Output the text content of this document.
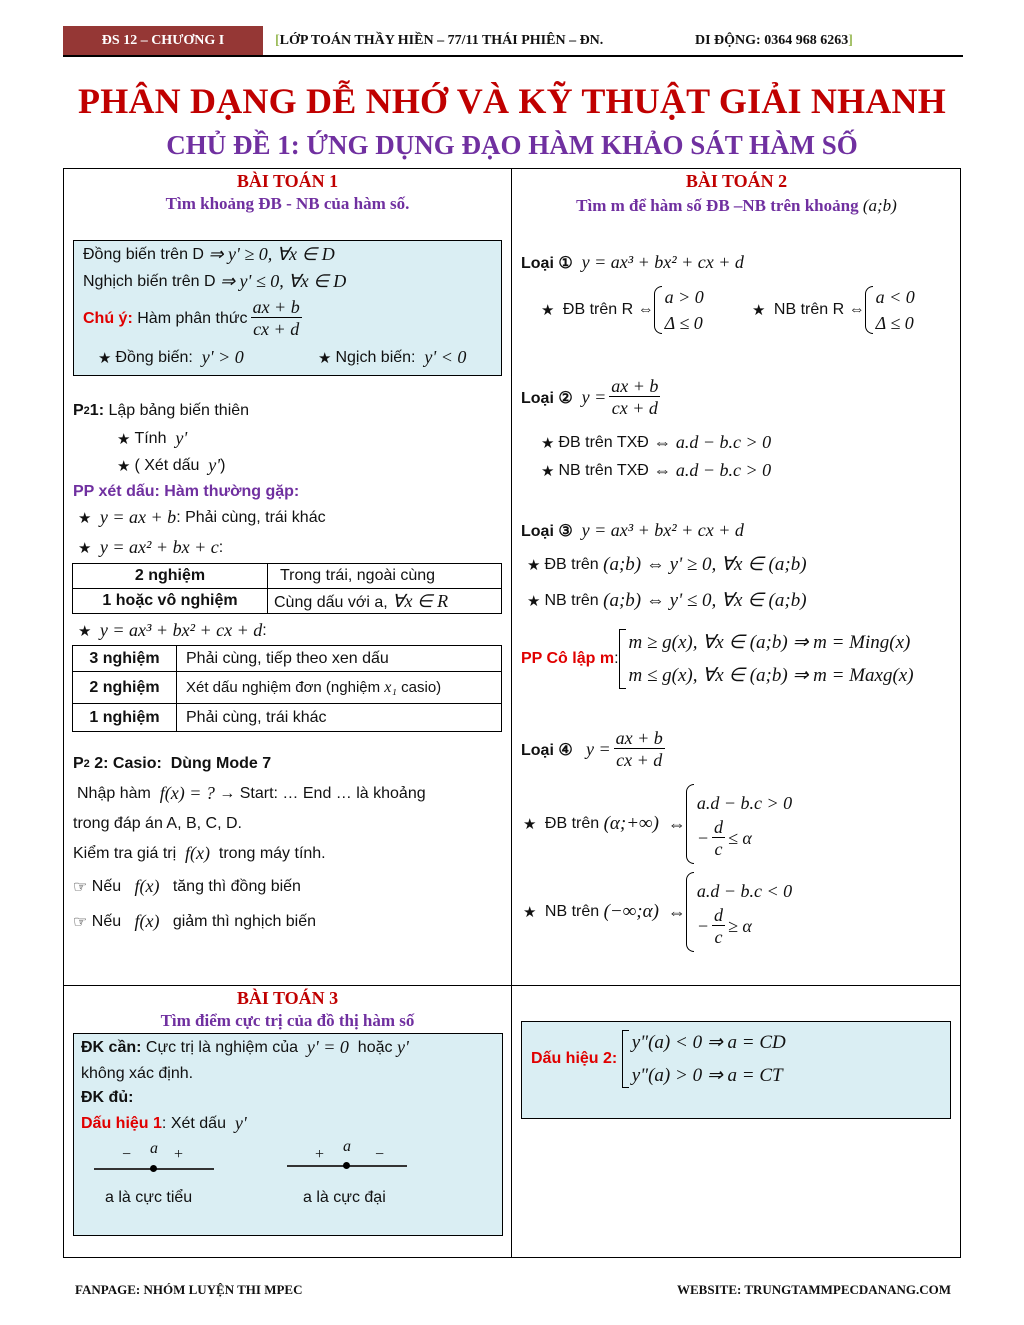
ĐS 12 – CHƯƠNG I	[LỚP TOÁN THẦY HIỀN – 77/11 THÁI PHIÊN – ĐN.	DI ĐỘNG: 0364 968 6263]
PHÂN DẠNG DỄ NHỚ VÀ KỸ THUẬT GIẢI NHANH
CHỦ ĐỀ 1: ỨNG DỤNG ĐẠO HÀM KHẢO SÁT HÀM SỐ
BÀI TOÁN 1
Tìm khoảng ĐB - NB của hàm số.
Đồng biến trên D
⇒ y' ≥ 0, ∀x ∈ D
Nghịch biến trên D
⇒ y' ≤ 0, ∀x ∈ D
Chú ý:
Hàm phân thức $\frac{ax + b}{cx + d}$
★ Đồng biến:
y' > 0	★ Ngịch biến:
y' < 0
P 2 1:
Lập bảng biến thiên
★ Tính
y'
★ ( Xét dấu
y' )
PP xét dấu: Hàm thường gặp:
★
y = ax + b : Phải cùng, trái khác
★
y = ax² + bx + c :
2 nghiệm	Trong trái, ngoài cùng
1 hoặc vô nghiệm	Cùng dấu với a, ∀x ∈ R
★
y = ax³ + bx² + cx + d :
3 nghiệm	Phải cùng, tiếp theo xen dấu
2 nghiệm	Xét dấu nghiệm đơn (nghiệm x₁ casio)
1 nghiệm	Phải cùng, trái khác
P 2 2: Casio:  Dùng Mode 7
Nhập hàm
f(x) = ?
→ Start: … End … là khoảng
trong đáp án A, B, C, D.
Kiểm tra giá trị
f(x)
trong máy tính.
☞
Nếu
f(x)
tăng thì đồng biến
☞
Nếu
f(x)
giảm thì nghịch biến
BÀI TOÁN 2
Tìm m để hàm số ĐB –NB trên khoảng (a;b)
Loại ①
y = ax³ + bx² + cx + d
★
ĐB trên R ⇔
a > 0
Δ ≤ 0
★
NB trên R ⇔
a < 0
Δ ≤ 0
Loại ②
$y = \frac{ax + b}{cx + d}$
★ ĐB trên TXĐ
⇔ a.d − b.c > 0
★ NB trên TXĐ
⇔ a.d − b.c > 0
Loại ③
y = ax³ + bx² + cx + d
★ ĐB trên
(a;b) ⇔ y' ≥ 0, ∀x ∈ (a;b)
★ NB trên
(a;b) ⇔ y' ≤ 0, ∀x ∈ (a;b)
PP Cô lập m :
m ≥ g(x), ∀x ∈ (a;b) ⇒ m = Ming(x)
m ≤ g(x), ∀x ∈ (a;b) ⇒ m = Maxg(x)
Loại ④
$y = \frac{ax + b}{cx + d}$
★
ĐB trên
(α;+∞)
⇔
a.d − b.c > 0
− $\frac{d}{c} \le \alpha$
★
NB trên
(−∞;α)
⇔
a.d − b.c < 0
− $\frac{d}{c} \ge \alpha$
BÀI TOÁN 3
Tìm điểm cực trị của đồ thị hàm số
ĐK cần:
Cực trị là nghiệm của
y' = 0
hoặc
y'
không xác định.
ĐK đủ:
Dấu hiệu 1 :
Xét dấu
y'
− a +
a là cực tiểu
+ a −
a là cực đại
Dấu hiệu 2:

y"(a) < 0 ⇒ a = CD
y"(a) > 0 ⇒ a = CT
FANPAGE: NHÓM LUYỆN THI MPEC	WEBSITE: TRUNGTAMMPECDANANG.COM
